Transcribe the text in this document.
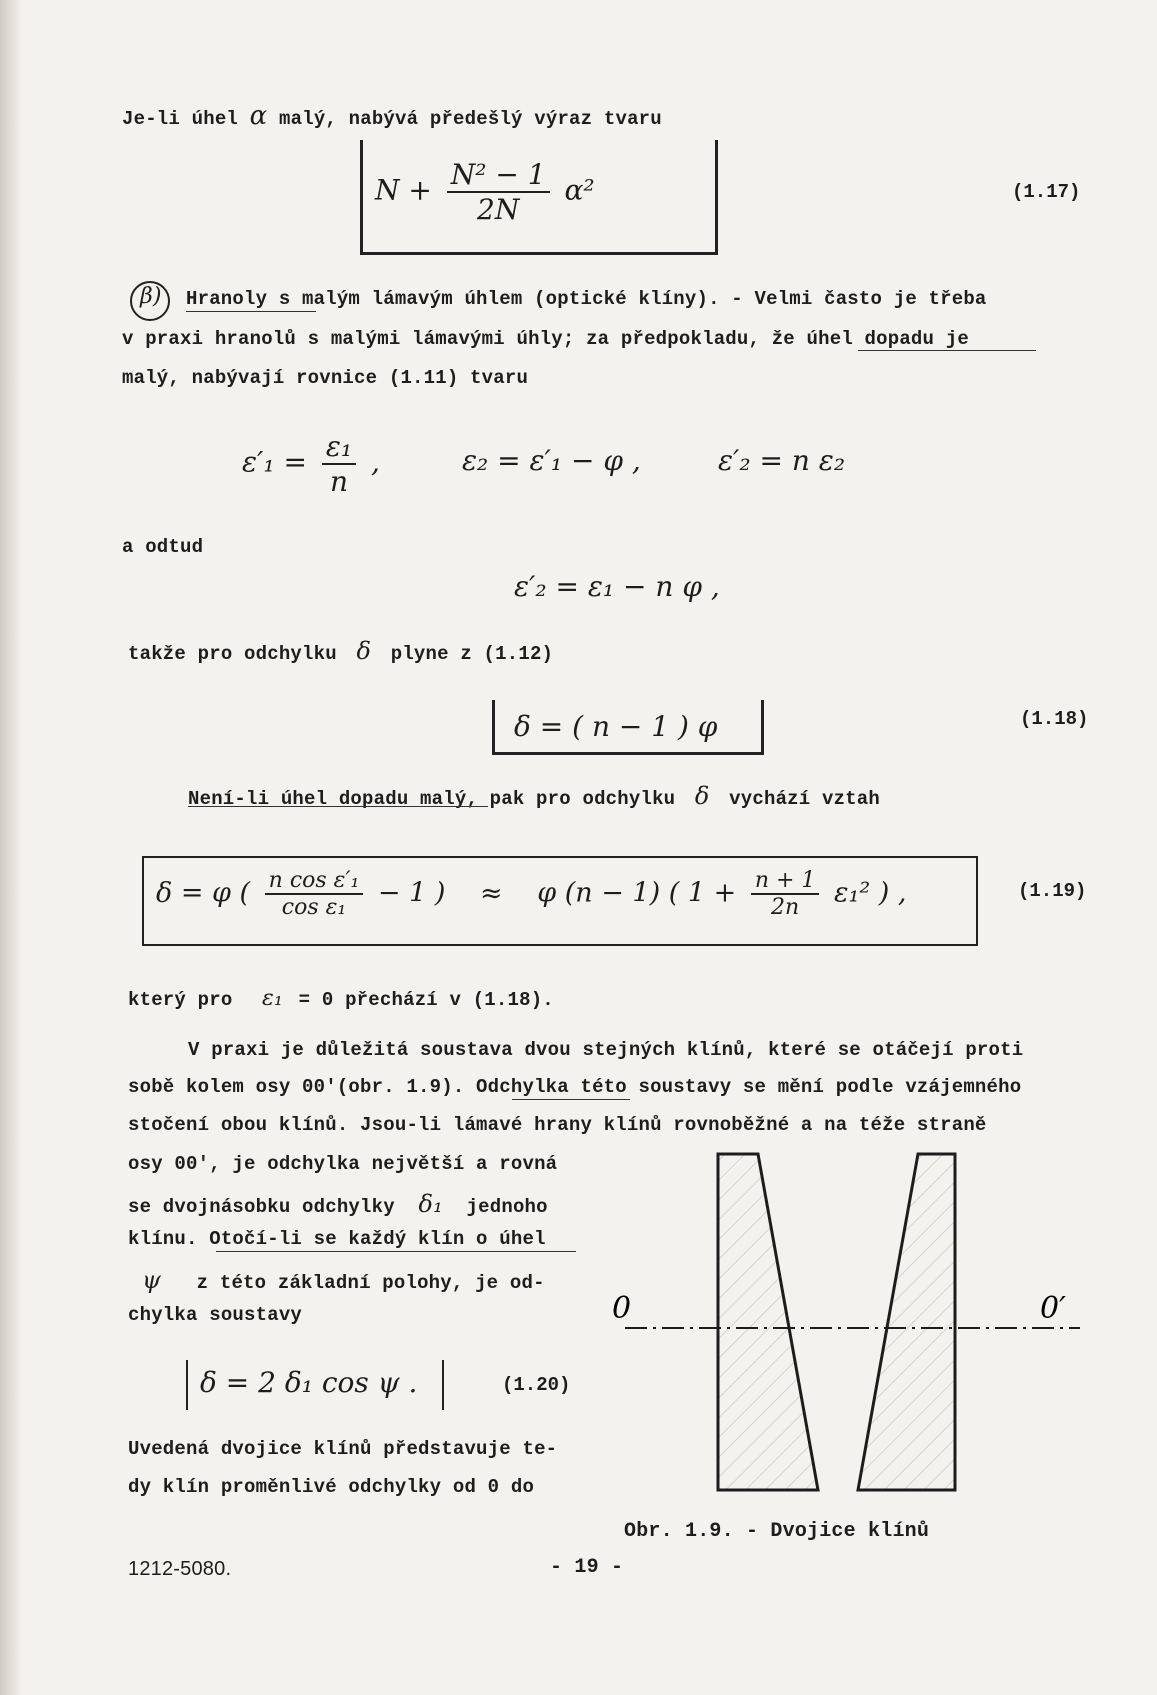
Je-li úhel α malý, nabývá předešlý výraz tvaru
$N + \frac{\text{N² − 1}}{2N} \alpha^2$	(1.17)
β) Hranoly s malým lámavým úhlem (optické klíny). - Velmi často je třeba
v praxi hranolů s malými lámavými úhly; za předpokladu, že úhel dopadu je
malý, nabývají rovnice (1.11) tvaru
$\varepsilon'_1 = \frac{\text{ε₁}}{n}$ ,	ε₂ = ε′₁ − φ ,	ε′₂ = n ε₂
a odtud
ε′₂ = ε₁ − n φ ,
takže pro odchylku δ plyne z (1.12)
δ = ( n − 1 ) φ	(1.18)
Není-li úhel dopadu malý, pak pro odchylku δ vychází vztah
δ = φ ( $\frac{\text{n cos ε′₁}}{\text{cos ε₁}} - 1$ ) ≈ φ (n − 1) ( $1 + \frac{n + 1}{2n} \varepsilon_1^2$ ) ,	(1.19)
který pro ε₁ = 0 přechází v (1.18).
V praxi je důležitá soustava dvou stejných klínů, které se otáčejí proti
sobě kolem osy 00′(obr. 1.9). Odchylka této soustavy se mění podle vzájemného
stočení obou klínů. Jsou-li lámavé hrany klínů rovnoběžné a na téže straně
osy 00′, je odchylka největší a rovná
se dvojnásobku odchylky δ₁ jednoho
klínu. Otočí-li se každý klín o úhel
ψ z této základní polohy, je od-
chylka soustavy
δ = 2 δ₁ cos ψ .	(1.20)
Uvedená dvojice klínů představuje te-
dy klín proměnlivé odchylky od 0 do
0	0′
Obr. 1.9. - Dvojice klínů
1212-5080.	- 19 -
